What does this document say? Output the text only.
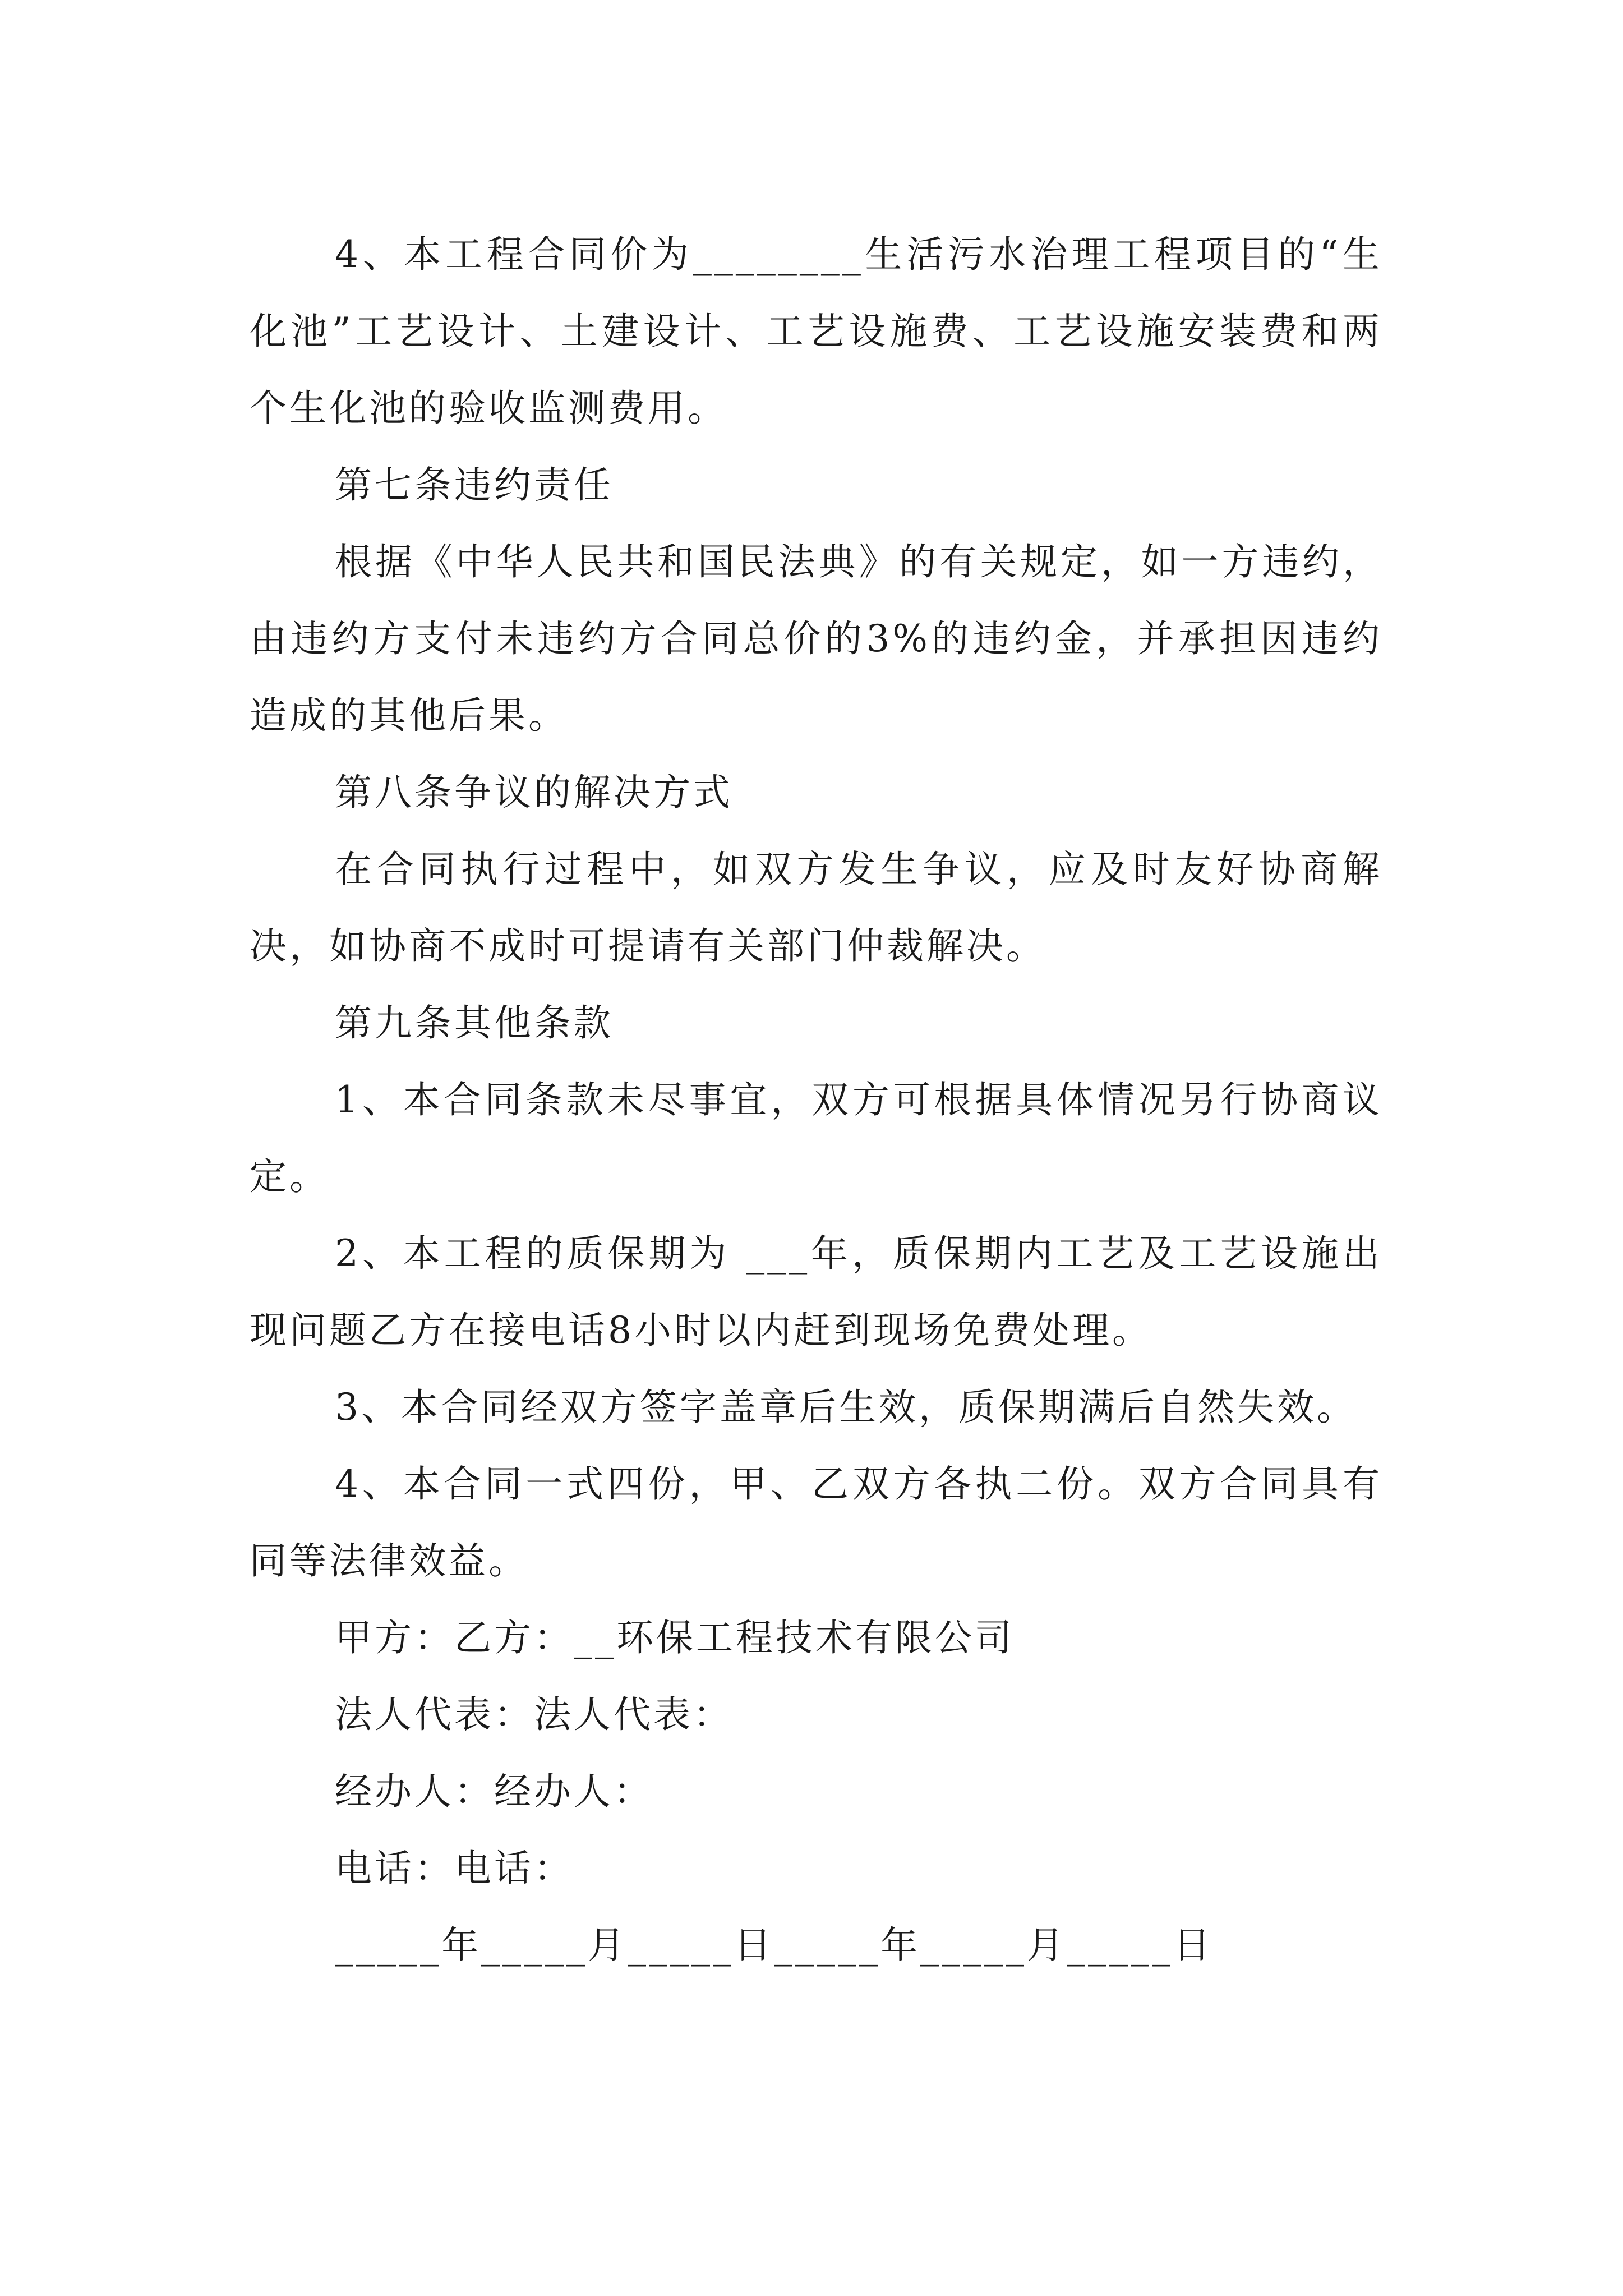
4、本工程合同价为________生活污水治理工程项目的“生化池”工艺设计、土建设计、工艺设施费、工艺设施安装费和两个生化池的验收监测费用。

第七条违约责任

根据《中华人民共和国民法典》的有关规定，如一方违约，由违约方支付未违约方合同总价的3%的违约金，并承担因违约造成的其他后果。

第八条争议的解决方式

在合同执行过程中，如双方发生争议，应及时友好协商解决，如协商不成时可提请有关部门仲裁解决。

第九条其他条款

1、本合同条款未尽事宜，双方可根据具体情况另行协商议定。

2、本工程的质保期为 ___年，质保期内工艺及工艺设施出现问题乙方在接电话8小时以内赶到现场免费处理。

3、本合同经双方签字盖章后生效，质保期满后自然失效。

4、本合同一式四份，甲、乙双方各执二份。双方合同具有同等法律效益。

甲方：乙方：__环保工程技术有限公司

法人代表：法人代表：

经办人：经办人：

电话：电话：

_____年_____月_____日_____年_____月_____日
